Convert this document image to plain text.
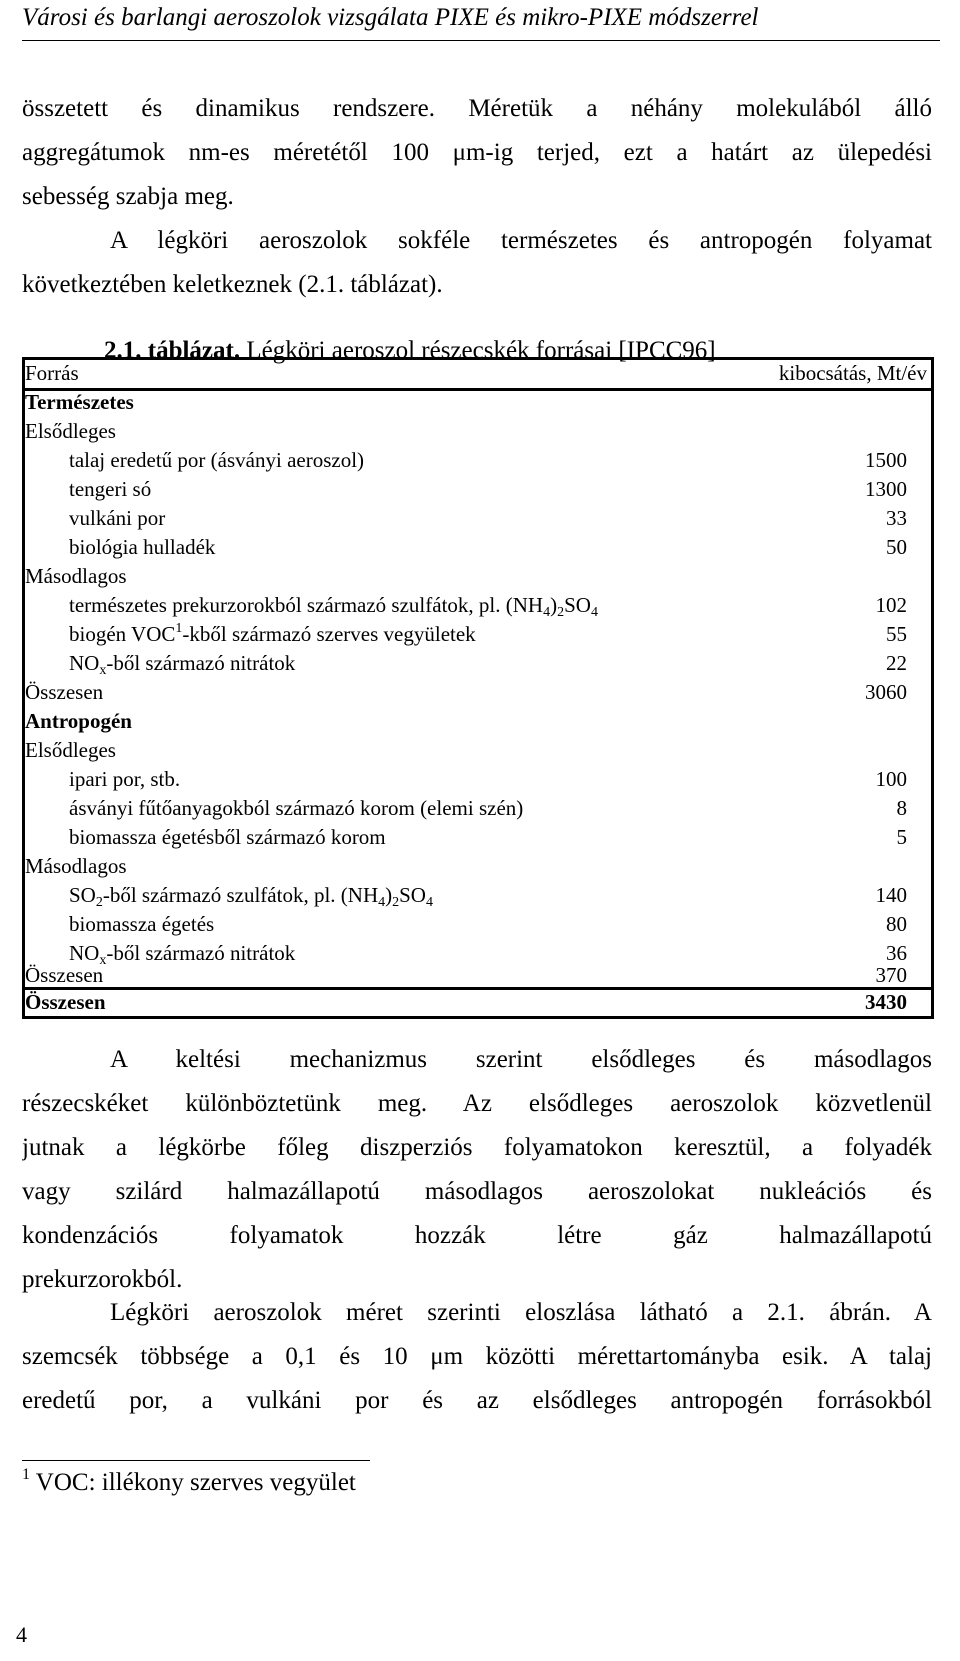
Városi és barlangi aeroszolok vizsgálata PIXE és mikro-PIXE módszerrel
összetett és dinamikus rendszere. Méretük a néhány molekulából álló
aggregátumok nm-es méretétől 100 μm-ig terjed, ezt a határt az ülepedési
sebesség szabja meg.
A légköri aeroszolok sokféle természetes és antropogén folyamat
következtében keletkeznek (2.1. táblázat).
2.1. táblázat. Légköri aeroszol részecskék forrásai [IPCC96]
Forrás	kibocsátás, Mt/év
Természetes
Elsődleges
talaj eredetű por (ásványi aeroszol)	1500
tengeri só	1300
vulkáni por	33
biológia hulladék	50
Másodlagos
természetes prekurzorokból származó szulfátok, pl. $(NH_4)_2SO_4$	102
biogén VOC$^1$-kből származó szerves vegyületek	55
$NO_x$-ből származó nitrátok	22
Összesen	3060
Antropogén
Elsődleges
ipari por, stb.	100
ásványi fűtőanyagokból származó korom (elemi szén)	8
biomassza égetésből származó korom	5
Másodlagos
$SO_2$-ből származó szulfátok, pl. $(NH_4)_2SO_4$	140
biomassza égetés	80
$NO_x$-ből származó nitrátok	36
Összesen	370
Összesen	3430
A keltési mechanizmus szerint elsődleges és másodlagos
részecskéket különböztetünk meg. Az elsődleges aeroszolok közvetlenül
jutnak a légkörbe főleg diszperziós folyamatokon keresztül, a folyadék
vagy szilárd halmazállapotú másodlagos aeroszolokat nukleációs és
kondenzációs folyamatok hozzák létre gáz halmazállapotú
prekurzorokból.
Légköri aeroszolok méret szerinti eloszlása látható a 2.1. ábrán. A
szemcsék többsége a 0,1 és 10 μm közötti mérettartományba esik. A talaj
eredetű por, a vulkáni por és az elsődleges antropogén forrásokból
$^1$ VOC: illékony szerves vegyület
4
